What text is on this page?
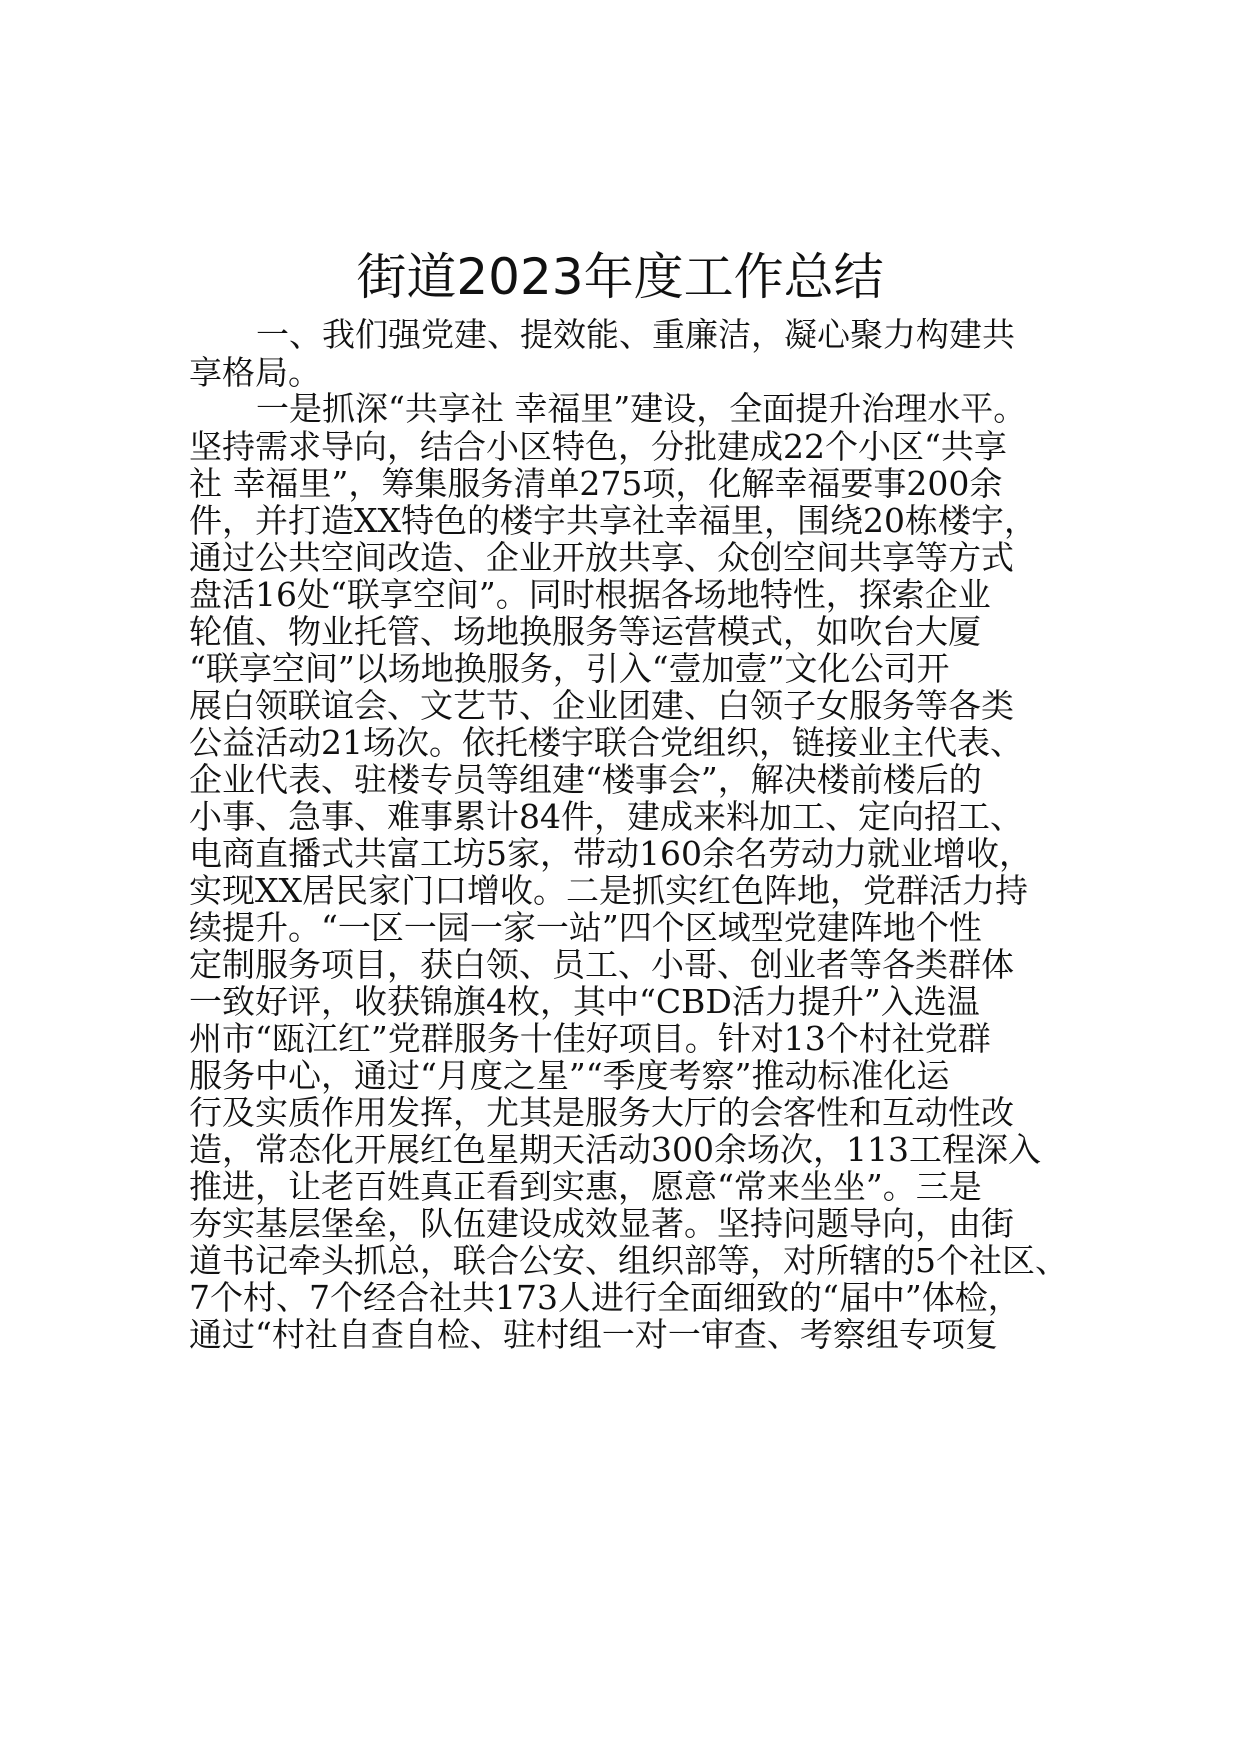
街道2023年度工作总结
一、我们强党建、提效能、重廉洁，凝心聚力构建共
享格局。
一是抓深“共享社 幸福里”建设，全面提升治理水平。
坚持需求导向，结合小区特色，分批建成22个小区“共享
社 幸福里”，筹集服务清单275项，化解幸福要事200余
件，并打造XX特色的楼宇共享社幸福里，围绕20栋楼宇，
通过公共空间改造、企业开放共享、众创空间共享等方式
盘活16处“联享空间”。同时根据各场地特性，探索企业
轮值、物业托管、场地换服务等运营模式，如吹台大厦
“联享空间”以场地换服务，引入“壹加壹”文化公司开
展白领联谊会、文艺节、企业团建、白领子女服务等各类
公益活动21场次。依托楼宇联合党组织，链接业主代表、
企业代表、驻楼专员等组建“楼事会”，解决楼前楼后的
小事、急事、难事累计84件，建成来料加工、定向招工、
电商直播式共富工坊5家，带动160余名劳动力就业增收，
实现XX居民家门口增收。二是抓实红色阵地，党群活力持
续提升。“一区一园一家一站”四个区域型党建阵地个性
定制服务项目，获白领、员工、小哥、创业者等各类群体
一致好评，收获锦旗4枚，其中“CBD活力提升”入选温
州市“瓯江红”党群服务十佳好项目。针对13个村社党群
服务中心，通过“月度之星”“季度考察”推动标准化运
行及实质作用发挥，尤其是服务大厅的会客性和互动性改
造，常态化开展红色星期天活动300余场次，113工程深入
推进，让老百姓真正看到实惠，愿意“常来坐坐”。三是
夯实基层堡垒，队伍建设成效显著。坚持问题导向，由街
道书记牵头抓总，联合公安、组织部等，对所辖的5个社区、
7个村、7个经合社共173人进行全面细致的“届中”体检，
通过“村社自查自检、驻村组一对一审查、考察组专项复
